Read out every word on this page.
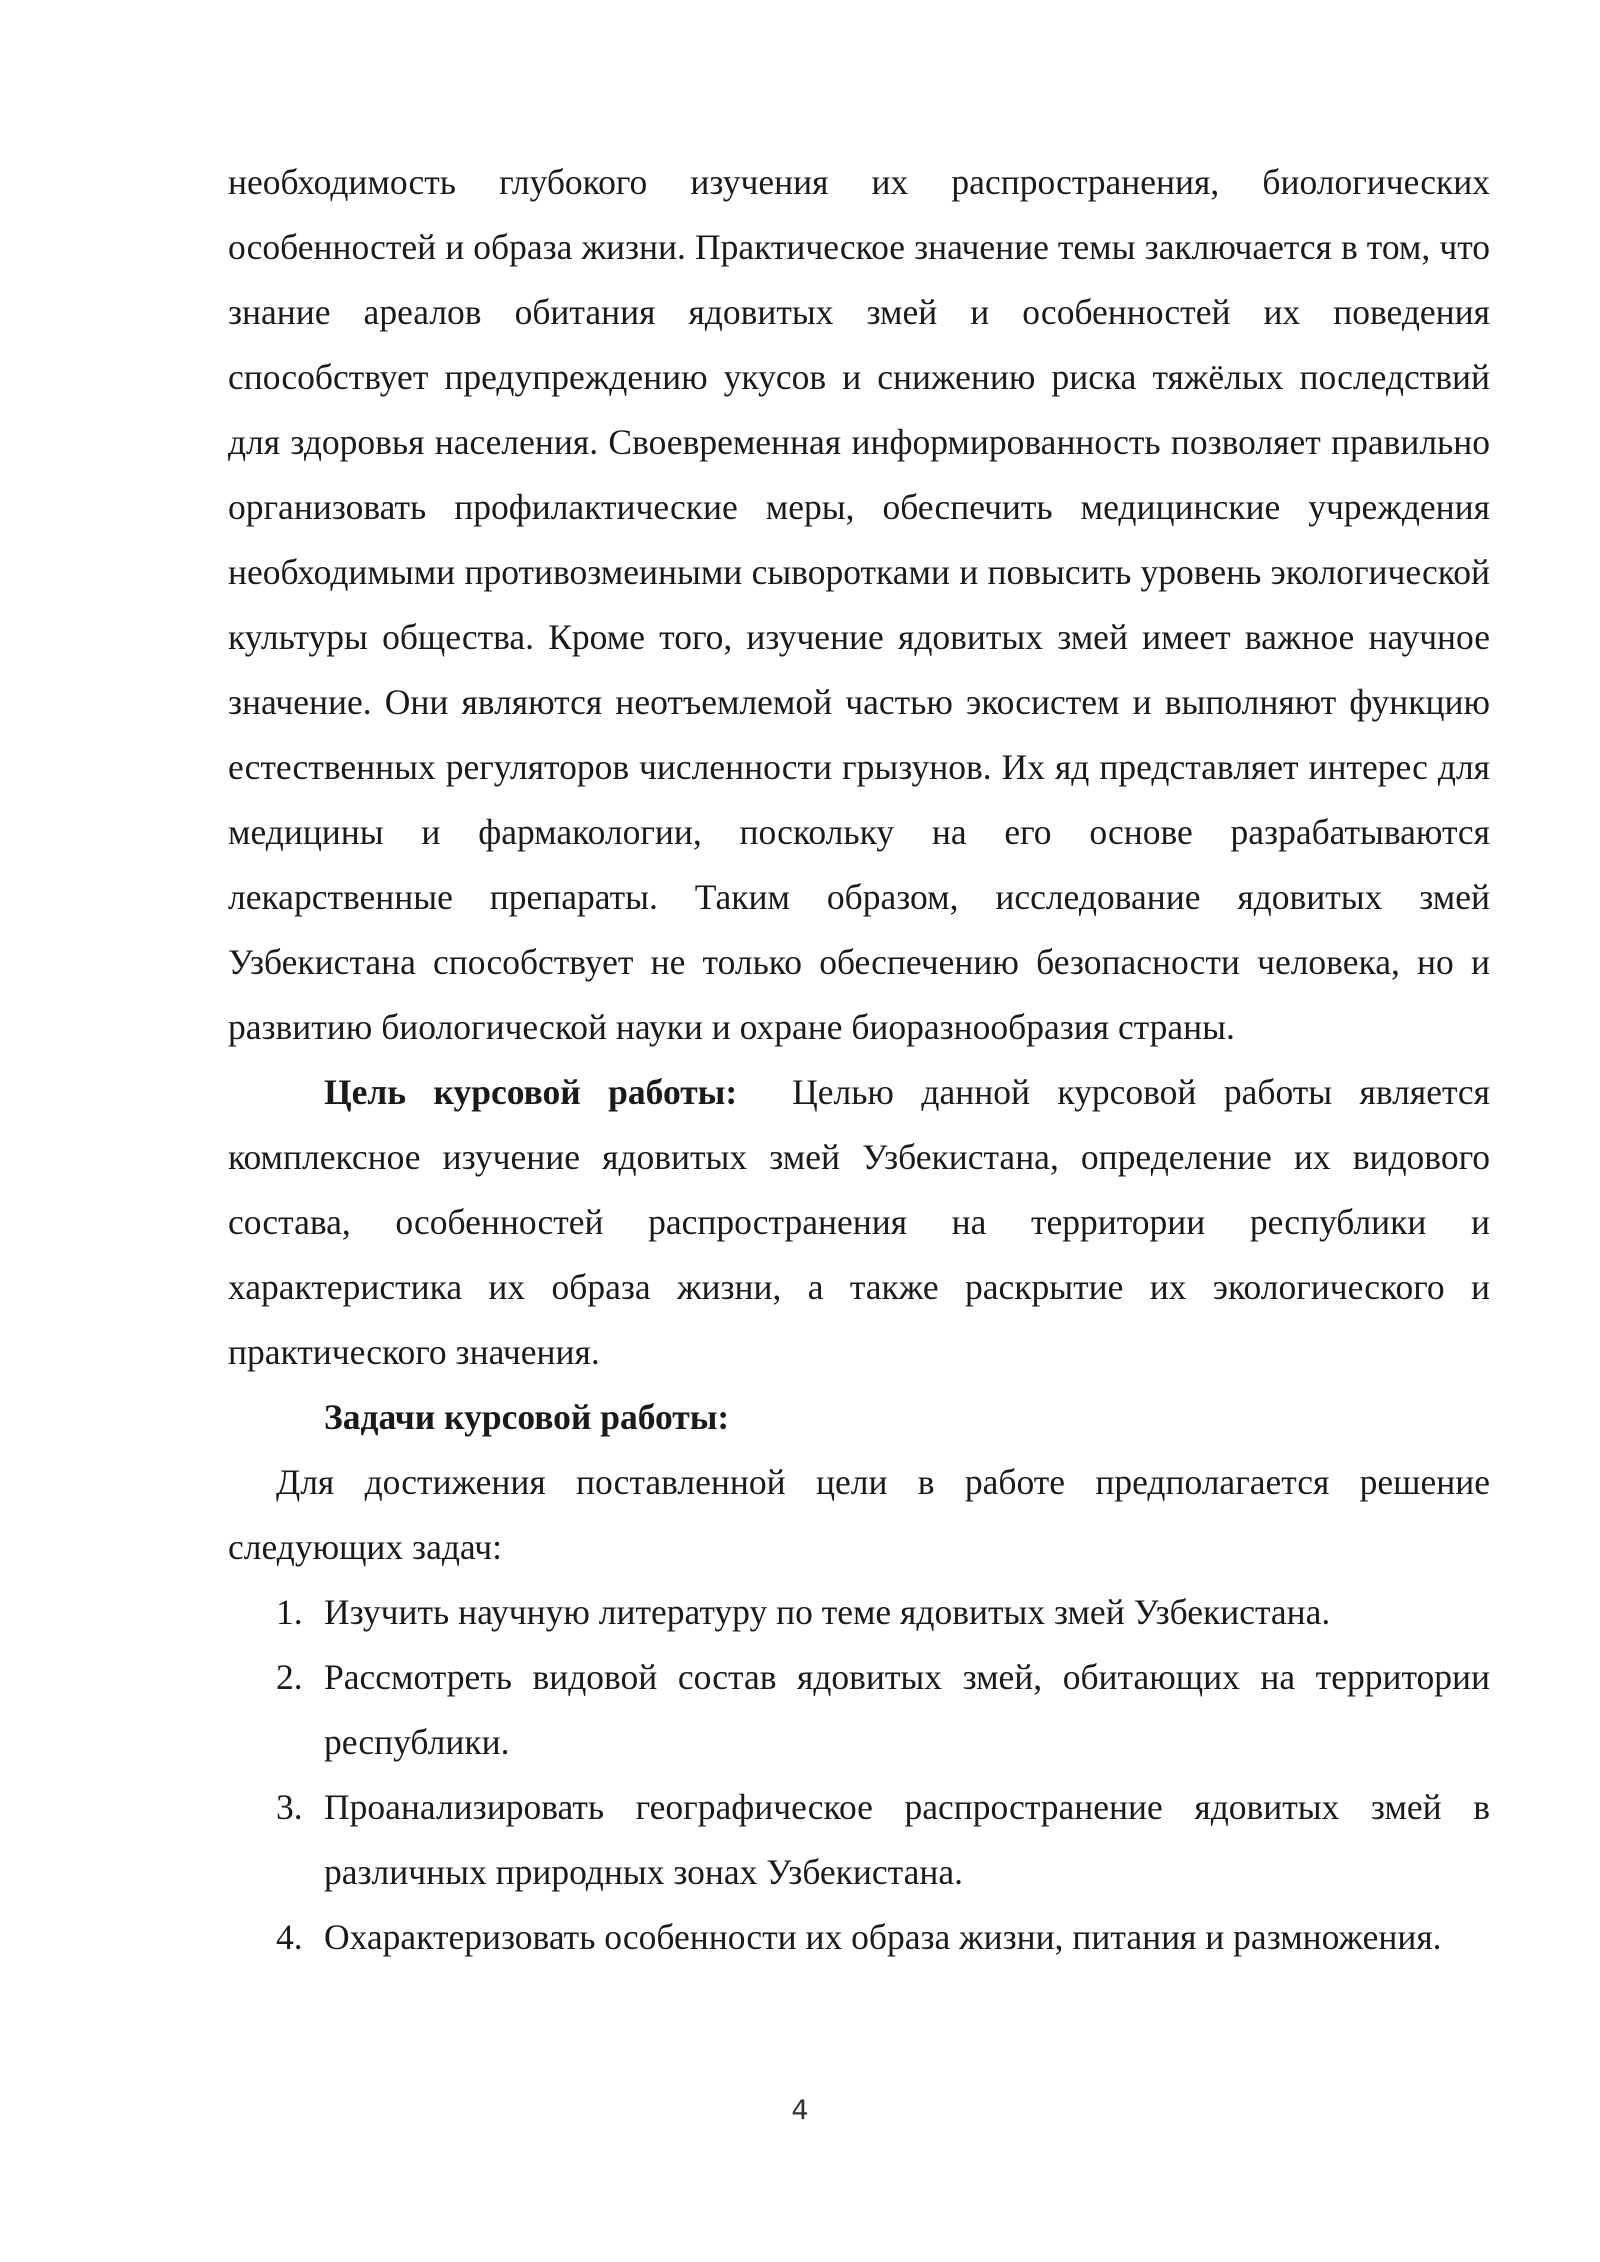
необходимость глубокого изучения их распространения, биологических особенностей и образа жизни. Практическое значение темы заключается в том, что знание ареалов обитания ядовитых змей и особенностей их поведения способствует предупреждению укусов и снижению риска тяжёлых последствий для здоровья населения. Своевременная информированность позволяет правильно организовать профилактические меры, обеспечить медицинские учреждения необходимыми противозмеиными сыворотками и повысить уровень экологической культуры общества. Кроме того, изучение ядовитых змей имеет важное научное значение. Они являются неотъемлемой частью экосистем и выполняют функцию естественных регуляторов численности грызунов. Их яд представляет интерес для медицины и фармакологии, поскольку на его основе разрабатываются лекарственные препараты. Таким образом, исследование ядовитых змей Узбекистана способствует не только обеспечению безопасности человека, но и развитию биологической науки и охране биоразнообразия страны.

Цель курсовой работы: Целью данной курсовой работы является комплексное изучение ядовитых змей Узбекистана, определение их видового состава, особенностей распространения на территории республики и характеристика их образа жизни, а также раскрытие их экологического и практического значения.

Задачи курсовой работы:

Для достижения поставленной цели в работе предполагается решение следующих задач:

1. Изучить научную литературу по теме ядовитых змей Узбекистана.
2. Рассмотреть видовой состав ядовитых змей, обитающих на территории республики.
3. Проанализировать географическое распространение ядовитых змей в различных природных зонах Узбекистана.
4. Охарактеризовать особенности их образа жизни, питания и размножения.
4
